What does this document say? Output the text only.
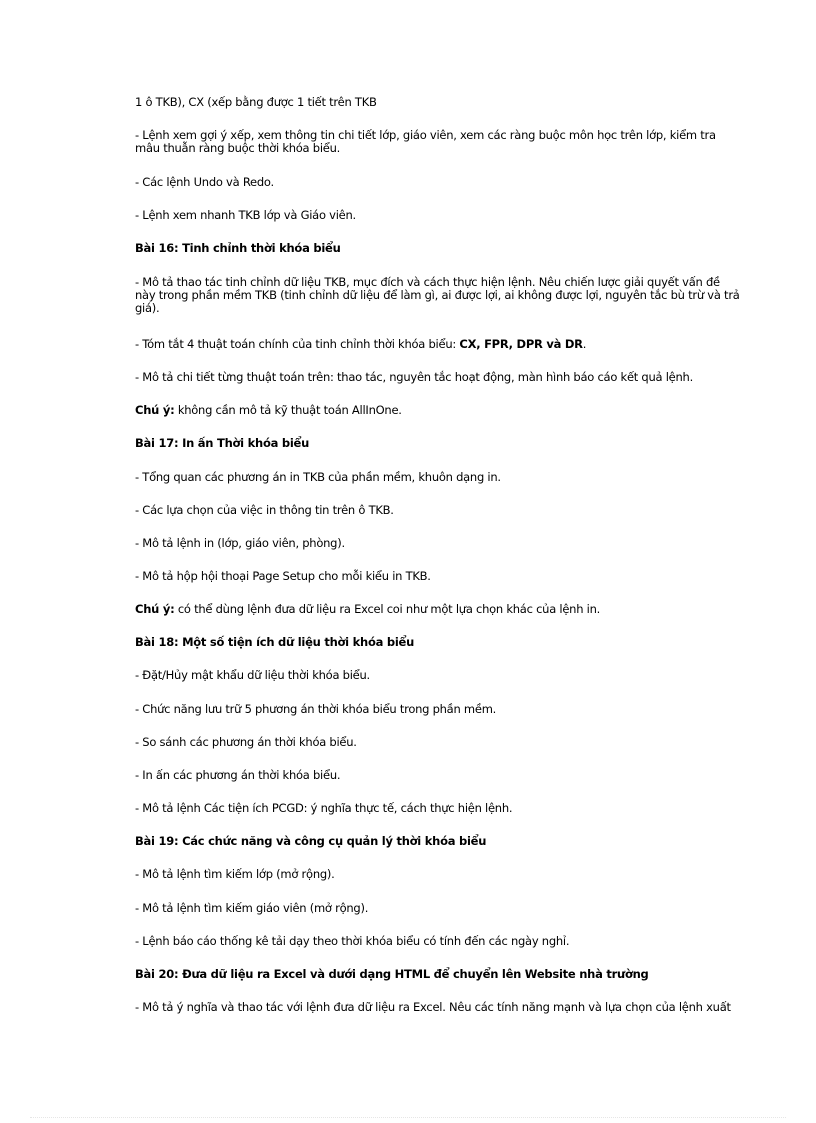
1 ô TKB), CX (xếp bằng được 1 tiết trên TKB
- Lệnh xem gợi ý xếp, xem thông tin chi tiết lớp, giáo viên, xem các ràng buộc môn học trên lớp, kiểm tra mâu thuẫn ràng buộc thời khóa biểu.
- Các lệnh Undo và Redo.
- Lệnh xem nhanh TKB lớp và Giáo viên.
Bài 16: Tinh chỉnh thời khóa biểu
- Mô tả thao tác tinh chỉnh dữ liệu TKB, mục đích và cách thực hiện lệnh. Nêu chiến lược giải quyết vấn đề này trong phần mềm TKB (tinh chỉnh dữ liệu để làm gì, ai được lợi, ai không được lợi, nguyên tắc bù trừ và trả giá).
- Tóm tắt 4 thuật toán chính của tinh chỉnh thời khóa biểu: CX, FPR, DPR và DR.
- Mô tả chi tiết từng thuật toán trên: thao tác, nguyên tắc hoạt động, màn hình báo cáo kết quả lệnh.
Chú ý: không cần mô tả kỹ thuật toán AllInOne.
Bài 17: In ấn Thời khóa biểu
- Tổng quan các phương án in TKB của phần mềm, khuôn dạng in.
- Các lựa chọn của việc in thông tin trên ô TKB.
- Mô tả lệnh in (lớp, giáo viên, phòng).
- Mô tả hộp hội thoại Page Setup cho mỗi kiểu in TKB.
Chú ý: có thể dùng lệnh đưa dữ liệu ra Excel coi như một lựa chọn khác của lệnh in.
Bài 18: Một số tiện ích dữ liệu thời khóa biểu
- Đặt/Hủy mật khẩu dữ liệu thời khóa biểu.
- Chức năng lưu trữ 5 phương án thời khóa biểu trong phần mềm.
- So sánh các phương án thời khóa biểu.
- In ấn các phương án thời khóa biểu.
- Mô tả lệnh Các tiện ích PCGD: ý nghĩa thực tế, cách thực hiện lệnh.
Bài 19: Các chức năng và công cụ quản lý thời khóa biểu
- Mô tả lệnh tìm kiếm lớp (mở rộng).
- Mô tả lệnh tìm kiếm giáo viên (mở rộng).
- Lệnh báo cáo thống kê tải dạy theo thời khóa biểu có tính đến các ngày nghỉ.
Bài 20: Đưa dữ liệu ra Excel và dưới dạng HTML để chuyển lên Website nhà trường
- Mô tả ý nghĩa và thao tác với lệnh đưa dữ liệu ra Excel. Nêu các tính năng mạnh và lựa chọn của lệnh xuất
